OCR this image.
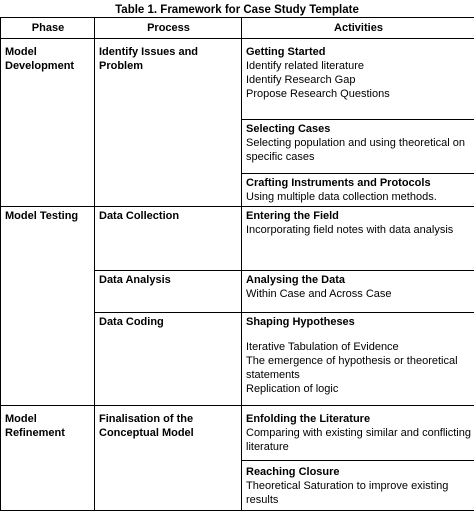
Table 1. Framework for Case Study Template
Phase	Process	Activities

Model Development	Identify Issues and Problem	Getting Started
Identify related literature
Identify Research Gap
Propose Research Questions

		Selecting Cases
Selecting population and using theoretical on specific cases

		Crafting Instruments and Protocols
Using multiple data collection methods.

Model Testing	Data Collection	Entering the Field
Incorporating field notes with data analysis

	Data Analysis	Analysing the Data
Within Case and Across Case

	Data Coding	Shaping Hypotheses
Iterative Tabulation of Evidence
The emergence of hypothesis or theoretical statements
Replication of logic

Model Refinement	Finalisation of the Conceptual Model	Enfolding the Literature
Comparing with existing similar and conflicting literature

		Reaching Closure
Theoretical Saturation to improve existing results
